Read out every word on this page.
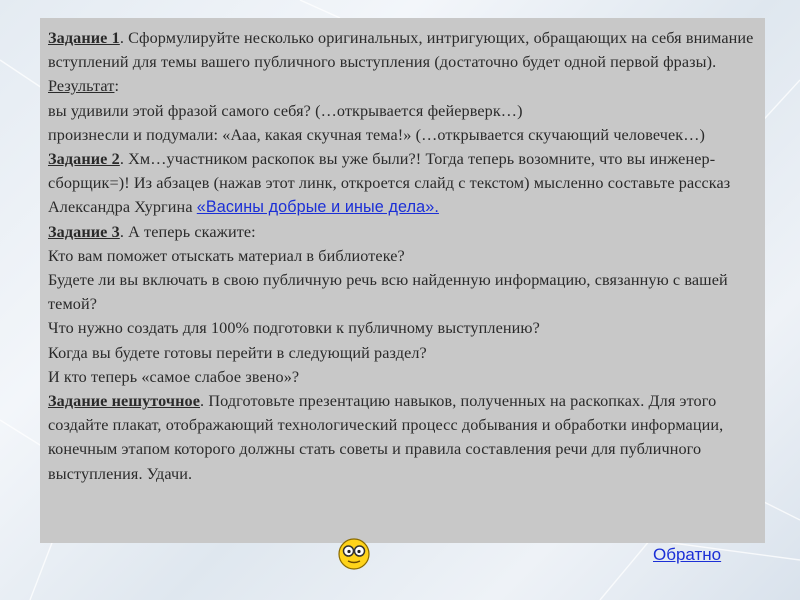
Задание 1. Сформулируйте несколько оригинальных, интригующих, обращающих на себя внимание вступлений для темы вашего публичного выступления (достаточно будет одной первой фразы). Результат:

вы удивили этой фразой самого себя? (…открывается фейерверк…)

произнесли и подумали: «Ааа, какая скучная тема!» (…открывается скучающий человечек…)

Задание 2. Хм…участником раскопок вы уже были?! Тогда теперь возомните, что вы инженер-сборщик=)! Из абзацев (нажав этот линк, откроется слайд с текстом) мысленно составьте рассказ Александра Хургина «Васины добрые и иные дела».

Задание 3. А теперь скажите:

Кто вам поможет отыскать материал в библиотеке?

Будете ли вы включать в свою публичную речь всю найденную информацию, связанную с вашей темой?

Что нужно создать для 100% подготовки к публичному выступлению?

Когда вы будете готовы перейти в следующий раздел?

И кто теперь «самое слабое звено»?

Задание нешуточное. Подготовьте презентацию навыков, полученных на раскопках. Для этого создайте плакат, отображающий технологический процесс добывания и обработки информации, конечным этапом которого должны стать советы и правила составления речи для публичного выступления. Удачи.

Обратно
